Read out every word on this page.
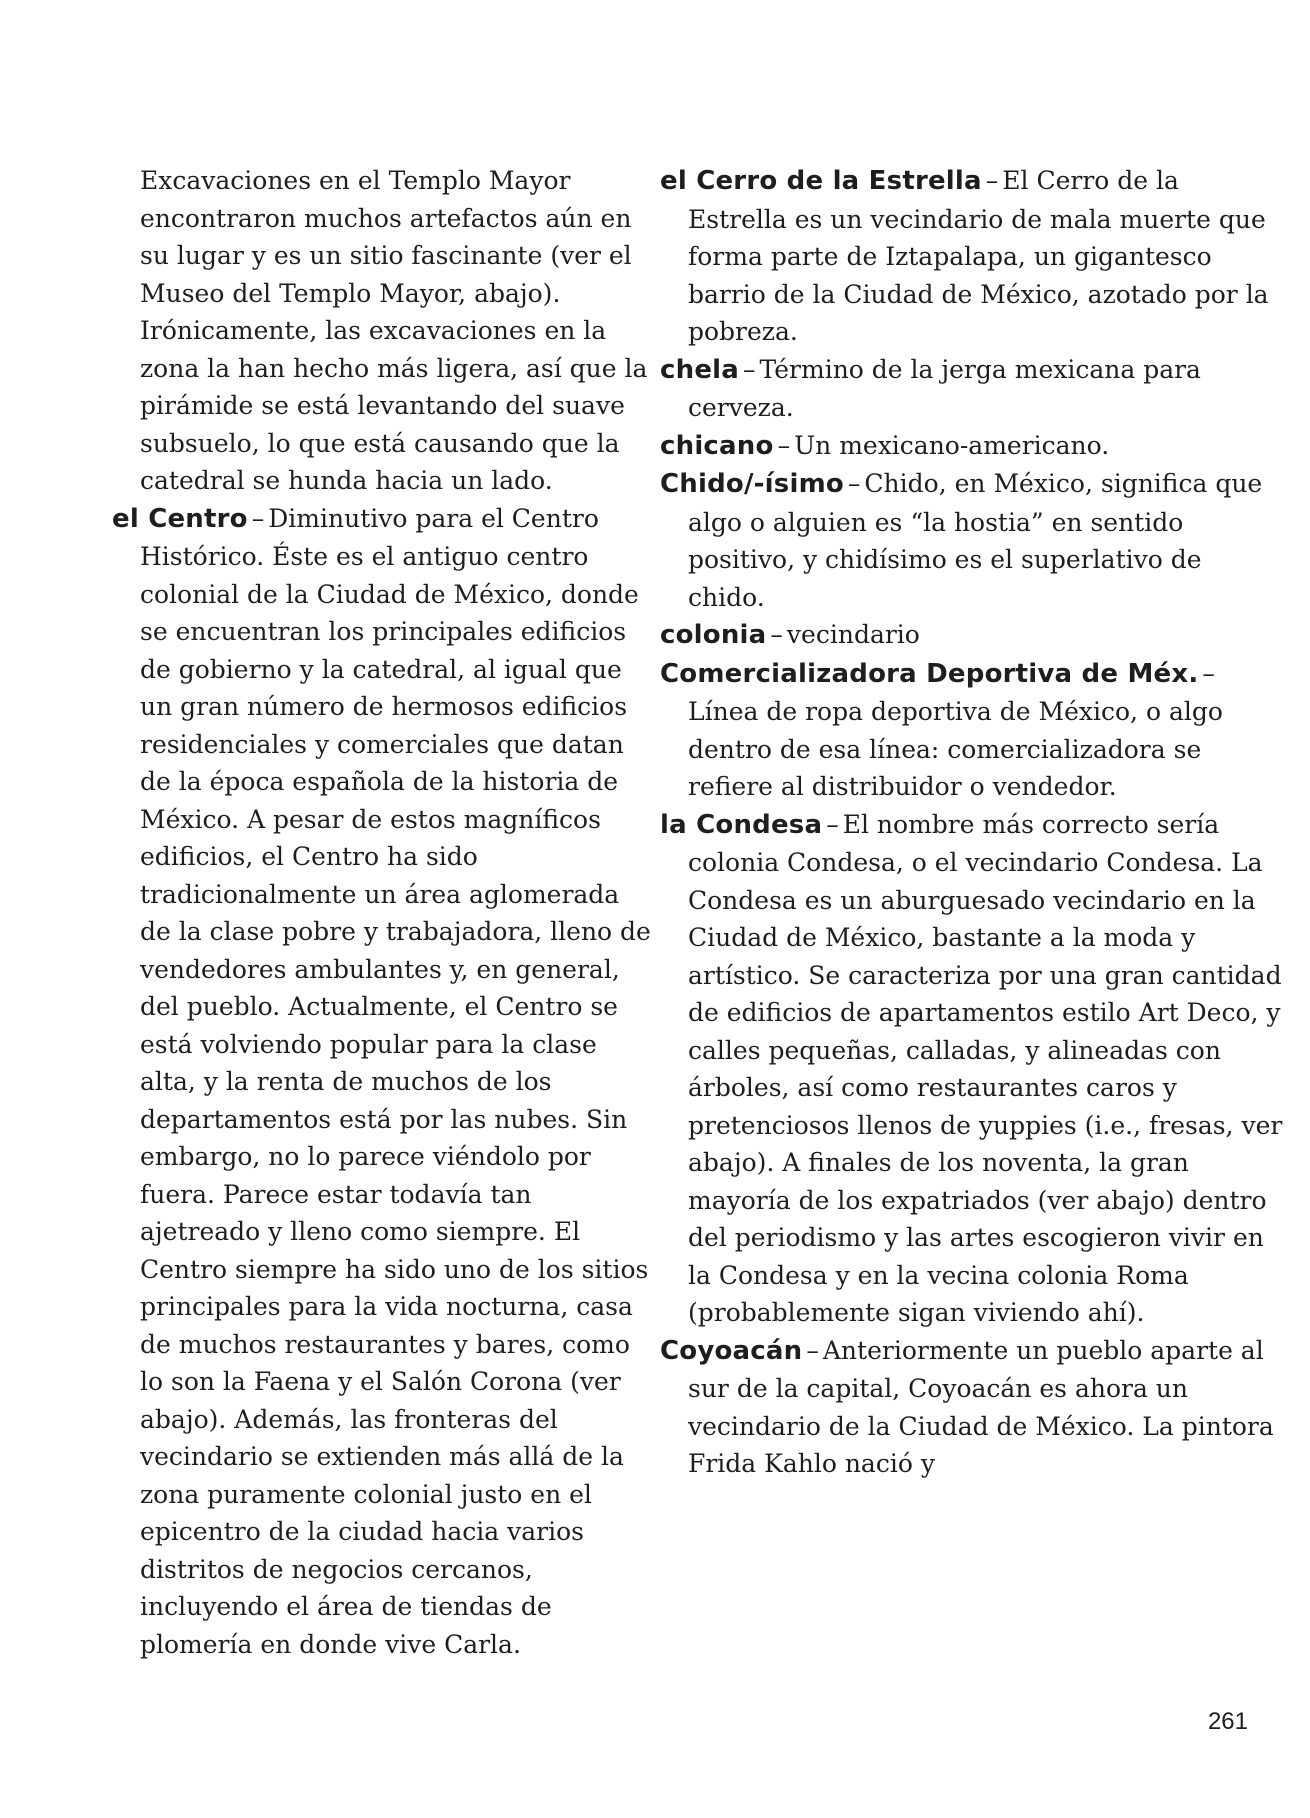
Excavaciones en el Templo Mayor encontraron muchos artefactos aún en su lugar y es un sitio fascinante (ver el Museo del Templo Mayor, abajo). Irónicamente, las excavaciones en la zona la han hecho más ligera, así que la pirámide se está levantando del suave subsuelo, lo que está causando que la catedral se hunda hacia un lado.

el Centro – Diminutivo para el Centro Histórico. Éste es el antiguo centro colonial de la Ciudad de México, donde se encuentran los principales edificios de gobierno y la catedral, al igual que un gran número de hermosos edificios residenciales y comerciales que datan de la época española de la historia de México. A pesar de estos magníficos edificios, el Centro ha sido tradicionalmente un área aglomerada de la clase pobre y trabajadora, lleno de vendedores ambulantes y, en general, del pueblo. Actualmente, el Centro se está volviendo popular para la clase alta, y la renta de muchos de los departamentos está por las nubes. Sin embargo, no lo parece viéndolo por fuera. Parece estar todavía tan ajetreado y lleno como siempre. El Centro siempre ha sido uno de los sitios principales para la vida nocturna, casa de muchos restaurantes y bares, como lo son la Faena y el Salón Corona (ver abajo). Además, las fronteras del vecindario se extienden más allá de la zona puramente colonial justo en el epicentro de la ciudad hacia varios distritos de negocios cercanos, incluyendo el área de tiendas de plomería en donde vive Carla.

el Cerro de la Estrella – El Cerro de la Estrella es un vecindario de mala muerte que forma parte de Iztapalapa, un gigantesco barrio de la Ciudad de México, azotado por la pobreza.

chela – Término de la jerga mexicana para cerveza.

chicano – Un mexicano-americano.

Chido/-ísimo – Chido, en México, significa que algo o alguien es “la hostia” en sentido positivo, y chidísimo es el superlativo de chido.

colonia – vecindario

Comercializadora Deportiva de Méx. –Línea de ropa deportiva de México, o algo dentro de esa línea: comercializadora se refiere al distribuidor o vendedor.

la Condesa – El nombre más correcto sería colonia Condesa, o el vecindario Condesa. La Condesa es un aburguesado vecindario en la Ciudad de México, bastante a la moda y artístico. Se caracteriza por una gran cantidad de edificios de apartamentos estilo Art Deco, y calles pequeñas, calladas, y alineadas con árboles, así como restaurantes caros y pretenciosos llenos de yuppies (i.e., fresas, ver abajo). A finales de los noventa, la gran mayoría de los expatriados (ver abajo) dentro del periodismo y las artes escogieron vivir en la Condesa y en la vecina colonia Roma (probablemente sigan viviendo ahí).

Coyoacán – Anteriormente un pueblo aparte al sur de la capital, Coyoacán es ahora un vecindario de la Ciudad de México. La pintora Frida Kahlo nació y

261
